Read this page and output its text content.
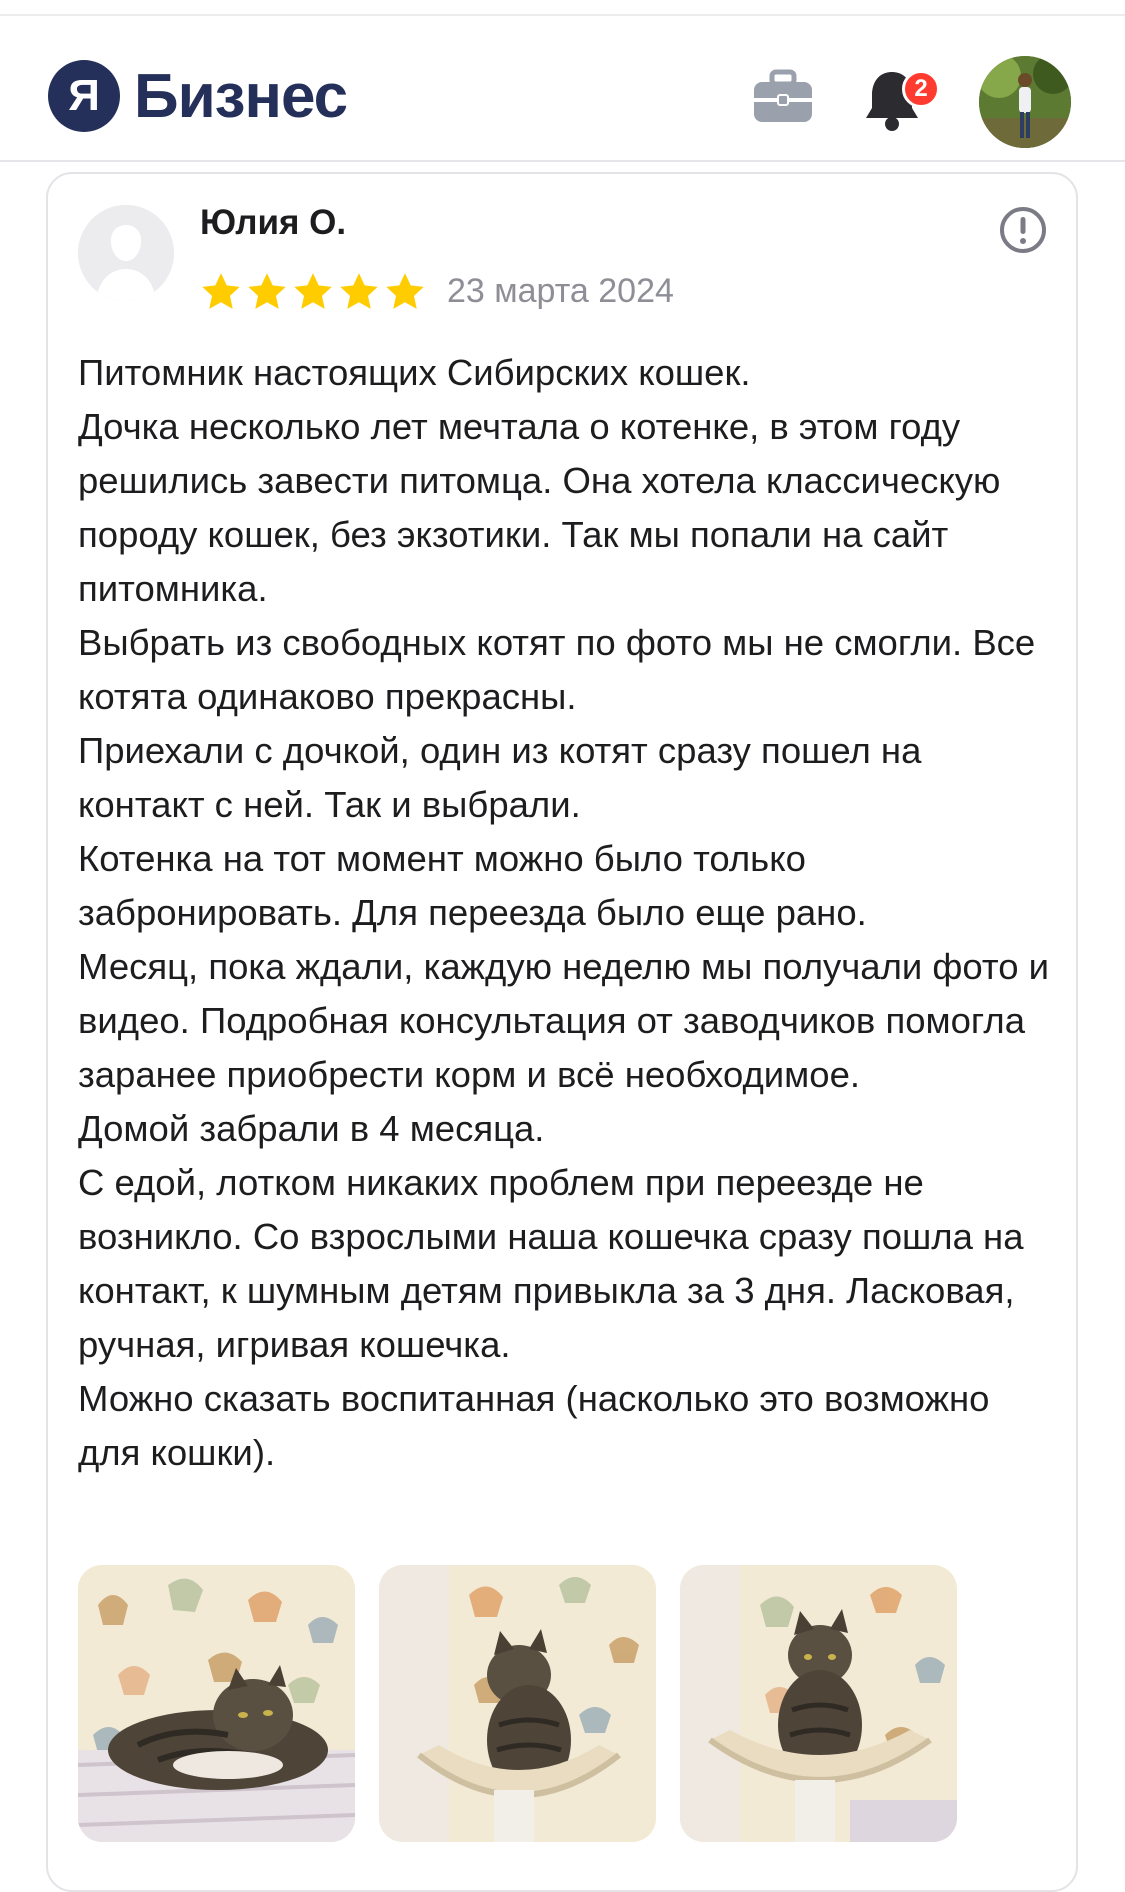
Я Бизнес	2
Юлия О.
23 марта 2024

Питомник настоящих Сибирских кошек.

Дочка несколько лет мечтала о котенке, в этом году решились завести питомца. Она хотела классическую породу кошек, без экзотики. Так мы попали на сайт питомника.

Выбрать из свободных котят по фото мы не смогли. Все котята одинаково прекрасны.

Приехали с дочкой, один из котят сразу пошел на контакт с ней. Так и выбрали.

Котенка на тот момент можно было только забронировать. Для переезда было еще рано.

Месяц, пока ждали, каждую неделю мы получали фото и видео. Подробная консультация от заводчиков помогла заранее приобрести корм и всё необходимое.

Домой забрали в 4 месяца.

С едой, лотком никаких проблем при переезде не возникло. Со взрослыми наша кошечка сразу пошла на контакт, к шумным детям привыкла за 3 дня. Ласковая, ручная, игривая кошечка.

Можно сказать воспитанная (насколько это возможно для кошки).
